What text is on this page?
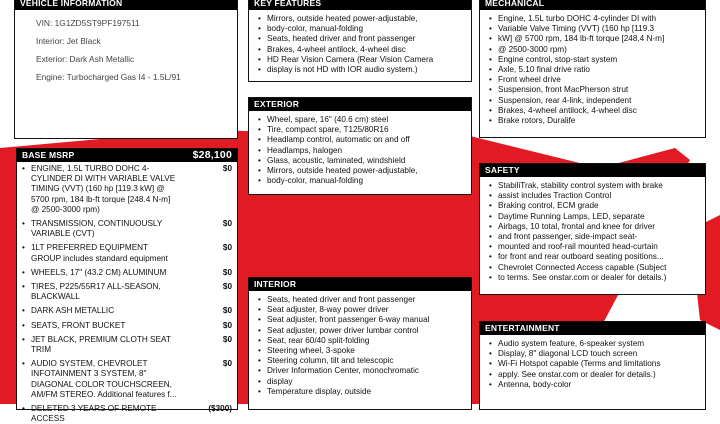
VEHICLE INFORMATION
VIN: 1G1ZD5ST9PF197511
Interior: Jet Black
Exterior: Dark Ash Metallic
Engine: Turbocharged Gas I4 - 1.5L/91
BASE MSRP	$28,100
• ENGINE, 1.5L TURBO DOHC 4-
CYLINDER DI WITH VARIABLE VALVE
TIMING (VVT) (160 hp [119.3 kW] @
5700 rpm, 184 lb-ft torque [248.4 N-m]
@ 2500-3000 rpm)
$0
• TRANSMISSION, CONTINUOUSLY
VARIABLE (CVT)
$0
• 1LT PREFERRED EQUIPMENT
GROUP includes standard equipment
$0
• WHEELS, 17" (43.2 CM) ALUMINUM	$0
• TIRES, P225/55R17 ALL-SEASON,
BLACKWALL
$0
• DARK ASH METALLIC	$0
• SEATS, FRONT BUCKET	$0
• JET BLACK, PREMIUM CLOTH SEAT
TRIM
$0
• AUDIO SYSTEM, CHEVROLET
INFOTAINMENT 3 SYSTEM, 8"
DIAGONAL COLOR TOUCHSCREEN,
AM/FM STEREO. Additional features f...
$0
• DELETED 3 YEARS OF REMOTE
ACCESS
($300)
KEY FEATURES
• Mirrors, outside heated power-adjustable,
• body-color, manual-folding
• Seats, heated driver and front passenger
• Brakes, 4-wheel antilock, 4-wheel disc
• HD Rear Vision Camera (Rear Vision Camera
• display is not HD with IOR audio system.)
EXTERIOR
• Wheel, spare, 16" (40.6 cm) steel
• Tire, compact spare, T125/80R16
• Headlamp control, automatic on and off
• Headlamps, halogen
• Glass, acoustic, laminated, windshield
• Mirrors, outside heated power-adjustable,
• body-color, manual-folding
INTERIOR
• Seats, heated driver and front passenger
• Seat adjuster, 8-way power driver
• Seat adjuster, front passenger 6-way manual
• Seat adjuster, power driver lumbar control
• Seat, rear 60/40 split-folding
• Steering wheel, 3-spoke
• Steering column, tilt and telescopic
• Driver Information Center, monochromatic
• display
• Temperature display, outside
MECHANICAL
• Engine, 1.5L turbo DOHC 4-cylinder DI with
• Variable Valve Timing (VVT) (160 hp [119.3
• kW] @ 5700 rpm, 184 lb-ft torque [248.4 N-m]
• @ 2500-3000 rpm)
• Engine control, stop-start system
• Axle, 5.10 final drive ratio
• Front wheel drive
• Suspension, front MacPherson strut
• Suspension, rear 4-link, independent
• Brakes, 4-wheel antilock, 4-wheel disc
• Brake rotors, Duralife
SAFETY
• StabiliTrak, stability control system with brake
• assist includes Traction Control
• Braking control, ECM grade
• Daytime Running Lamps, LED, separate
• Airbags, 10 total, frontal and knee for driver
• and front passenger, side-impact seat-
• mounted and roof-rail mounted head-curtain
• for front and rear outboard seating positions...
• Chevrolet Connected Access capable (Subject
• to terms. See onstar.com or dealer for details.)
ENTERTAINMENT
• Audio system feature, 6-speaker system
• Display, 8" diagonal LCD touch screen
• Wi-Fi Hotspot capable (Terms and limitations
• apply. See onstar.com or dealer for details.)
• Antenna, body-color
